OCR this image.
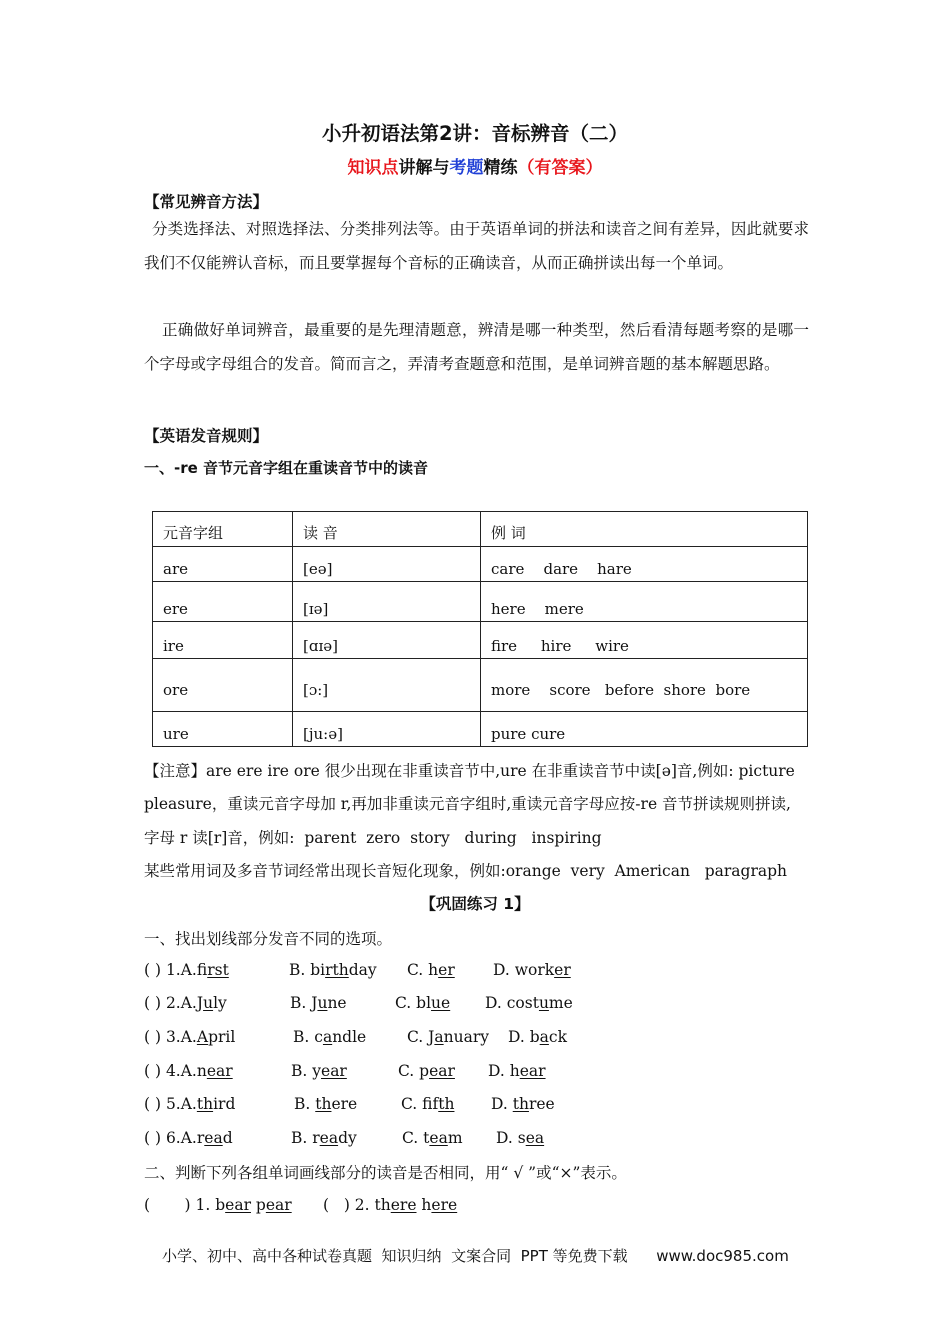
小升初语法第2讲：音标辨音（二）
知识点讲解与考题精练（有答案）
【常见辨音方法】
分类选择法、对照选择法、分类排列法等。由于英语单词的拼法和读音之间有差异，因此就要求我们不仅能辨认音标，而且要掌握每个音标的正确读音，从而正确拼读出每一个单词。
正确做好单词辨音，最重要的是先理清题意，辨清是哪一种类型，然后看清每题考察的是哪一个字母或字母组合的发音。简而言之，弄清考查题意和范围，是单词辨音题的基本解题思路。
【英语发音规则】
一、-re 音节元音字组在重读音节中的读音
元音字组	读 音	例 词
are	[eə]	care    dare    hare
ere	[ɪə]	here    mere
ire	[ɑɪə]	fire     hire     wire
ore	[ɔ:]	more    score   before  shore  bore
ure	[ju:ə]	pure cure
【注意】are ere ire ore 很少出现在非重读音节中,ure 在非重读音节中读[ə]音,例如: picture
pleasure，重读元音字母加 r,再加非重读元音字组时,重读元音字母应按-re 音节拼读规则拼读,
字母 r 读[r]音，例如:  parent  zero  story   during   inspiring
某些常用词及多音节词经常出现长音短化现象，例如:orange  very  American   paragraph
【巩固练习 1】
一、找出划线部分发音不同的选项。
( ) 1.A.first	B. birthday C. her D. worker
( ) 2.A.July	B. June	C. blue D. costume
( ) 3.A.April	B. candle	C. January D. back
( ) 4.A.near	B. year	C. pear D. hear
( ) 5.A.third	B. there	C. fifth D. three
( ) 6.A.read	B. ready	C. team D. sea
二、判断下列各组单词画线部分的读音是否相同，用“ √ ”或“×”表示。
(       ) 1. bear pear (   ) 2. there here
小学、初中、高中各种试卷真题  知识归纳  文案合同  PPT 等免费下载      www.doc985.com
